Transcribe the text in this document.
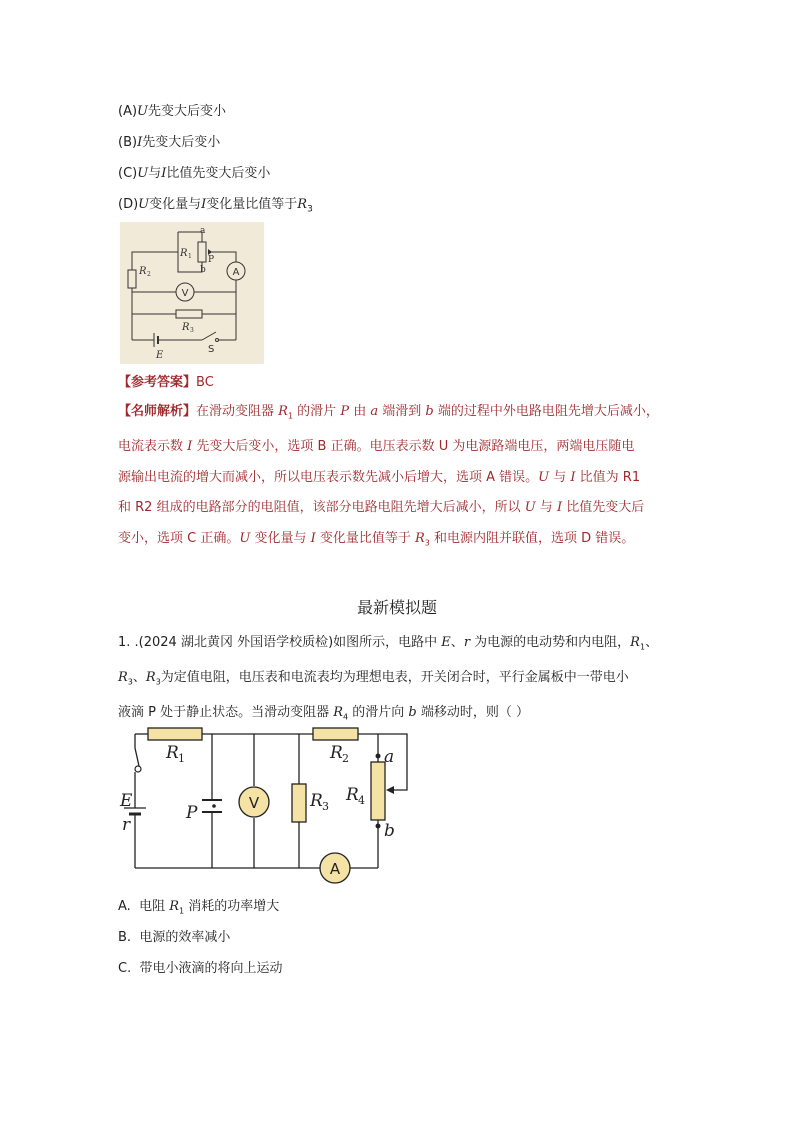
(A)U先变大后变小
(B)I先变大后变小
(C)U与I比值先变大后变小
(D)U变化量与I变化量比值等于$R_3$
A
V
a
b
R 1 P
R 2
R 3
E
S
【参考答案】BC
【名师解析】在滑动变阻器 $R_1$ 的滑片 P 由 a 端滑到 b 端的过程中外电路电阻先增大后减小，
电流表示数 I 先变大后变小，选项 B 正确。电压表示数 U 为电源路端电压，两端电压随电
源输出电流的增大而减小，所以电压表示数先减小后增大，选项 A 错误。U 与 I 比值为 R1
和 R2 组成的电路部分的电阻值，该部分电路电阻先增大后减小，所以 U 与 I 比值先变大后
变小，选项 C 正确。U 变化量与 I 变化量比值等于 $R_3$ 和电源内阻并联值，选项 D 错误。
最新模拟题
1. .(2024 湖北黄冈 外国语学校质检)如图所示，电路中 E、r 为电源的电动势和内电阻，$R_1$、
$R_3$、$R_3$为定值电阻，电压表和电流表均为理想电表，开关闭合时，平行金属板中一带电小
液滴 P 处于静止状态。当滑动变阻器 $R_4$ 的滑片向 b 端移动时，则（ ）
V
A
R 1	R 2
R 3
R 4
E
r
P
a
b
A. 电阻 $R_1$ 消耗的功率增大
B. 电源的效率减小
C. 带电小液滴的将向上运动
